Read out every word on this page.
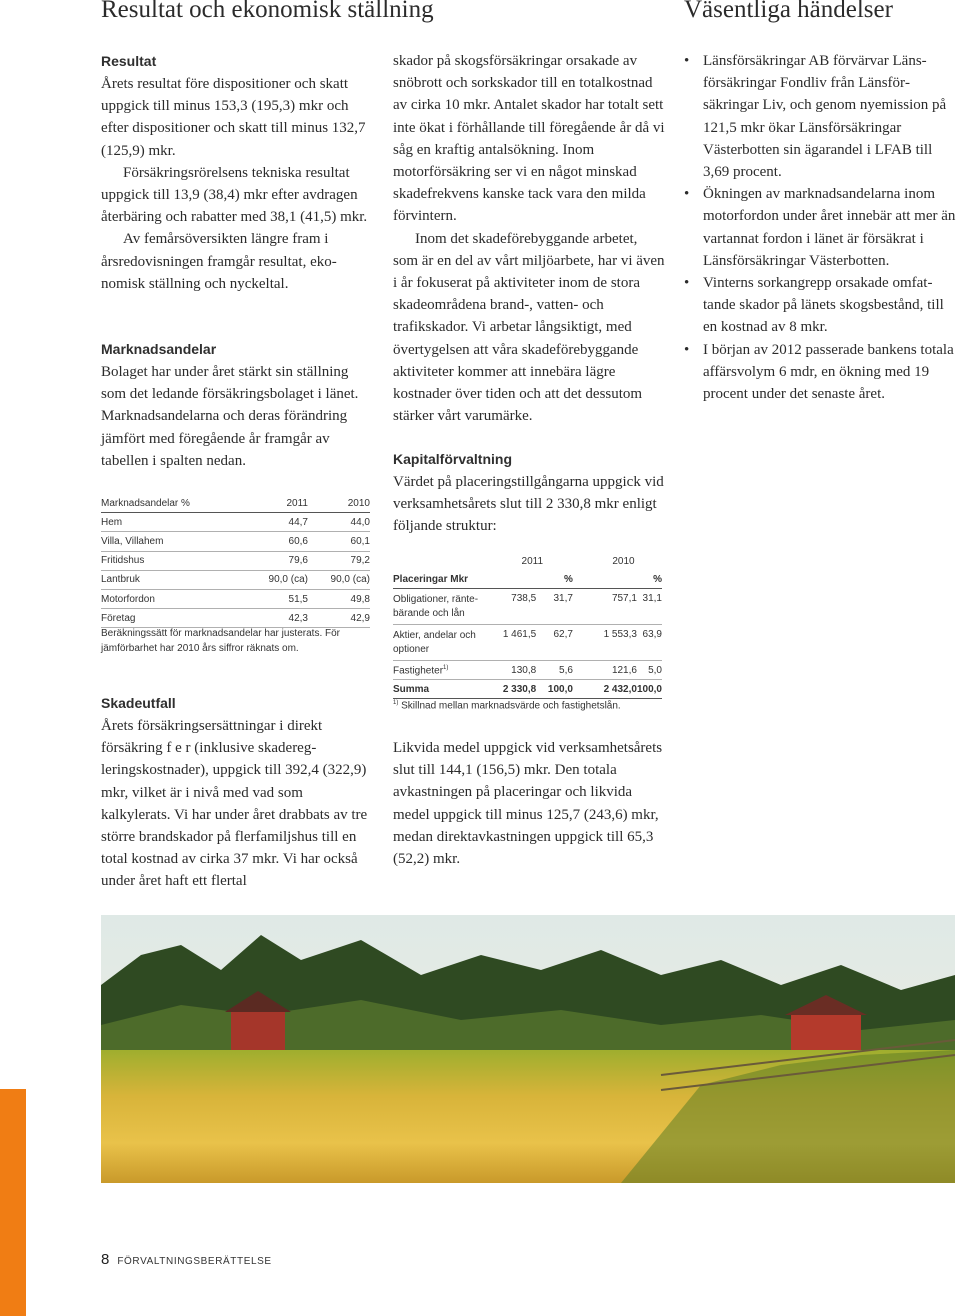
Resultat och ekonomisk ställning	Väsentliga händelser
Resultat

Årets resultat före dispositioner och skatt uppgick till minus 153,3 (195,3) mkr och efter dispositioner och skatt till minus 132,7 (125,9) mkr.

Försäkringsrörelsens tekniska resultat uppgick till 13,9 (38,4) mkr efter avdragen återbäring och rabatter med 38,1 (41,5) mkr.

Av femårsöversikten längre fram i årsredovisningen framgår resultat, ekonomisk ställning och nyckeltal.

Marknadsandelar

Bolaget har under året stärkt sin ställning som det ledande försäkringsbolaget i länet. Marknadsandelarna och deras förändring jämfört med föregående år framgår av tabellen i spalten nedan.

Marknadsandelar %	2011	2010
Hem	44,7	44,0
Villa, Villahem	60,6	60,1
Fritidshus	79,6	79,2
Lantbruk	90,0 (ca)	90,0 (ca)
Motorfordon	51,5	49,8
Företag	42,3	42,9
Beräkningssätt för marknadsandelar har justerats. För jämförbarhet har 2010 års siffror räknats om.
Skadeutfall

Årets försäkringsersättningar i direkt försäkring f e r (inklusive skaderegleringskostnader), uppgick till 392,4 (322,9) mkr, vilket är i nivå med vad som kalkylerats. Vi har under året drabbats av tre större brandskador på flerfamiljshus till en total kostnad av cirka 37 mkr. Vi har också under året haft ett flertal

skador på skogsförsäkringar orsakade av snöbrott och sorkskador till en totalkostnad av cirka 10 mkr. Antalet skador har totalt sett inte ökat i förhållande till föregående år då vi såg en kraftig antalsökning. Inom motorförsäkring ser vi en något minskad skadefrekvens kanske tack vara den milda förvintern.

Inom det skadeförebyggande arbetet, som är en del av vårt miljöarbete, har vi även i år fokuserat på aktiviteter inom de stora skadeområdena brand-, vatten- och trafikskador. Vi arbetar långsiktigt, med övertygelsen att våra skadeförebyggande aktiviteter kommer att innebära lägre kostnader över tiden och att det dessutom stärker vårt varumärke.

Kapitalförvaltning

Värdet på placeringstillgångarna uppgick vid verksamhetsårets slut till 2 330,8 mkr enligt följande struktur:

	2011		2010	
Placeringar Mkr		%		%
Obligationer, räntebärande och lån	738,5	31,7	757,1	31,1
Aktier, andelar och optioner	1 461,5	62,7	1 553,3	63,9
Fastigheter$^{1)}$	130,8	5,6	121,6	5,0
Summa	2 330,8	100,0	2 432,0	100,0
$^{1)}$ Skillnad mellan marknadsvärde och fastighetslån.

Likvida medel uppgick vid verksamhetsårets slut till 144,1 (156,5) mkr. Den totala avkastningen på placeringar och likvida medel uppgick till minus 125,7 (243,6) mkr, medan direktavkastningen uppgick till 65,3 (52,2) mkr.

• Länsförsäkringar AB förvärvar Länsförsäkringar Fondliv från Länsförsäkringar Liv, och genom nyemission på 121,5 mkr ökar Länsförsäkringar Västerbotten sin ägarandel i LFAB till 3,69 procent.
• Ökningen av marknadsandelarna inom motorfordon under året innebär att mer än vartannat fordon i länet är försäkrat i Länsförsäkringar Västerbotten.
• Vinterns sorkangrepp orsakade omfattande skador på länets skogsbestånd, till en kostnad av 8 mkr.
• I början av 2012 passerade bankens totala affärsvolym 6 mdr, en ökning med 19 procent under det senaste året.
8 FÖRVALTNINGSBERÄTTELSE
